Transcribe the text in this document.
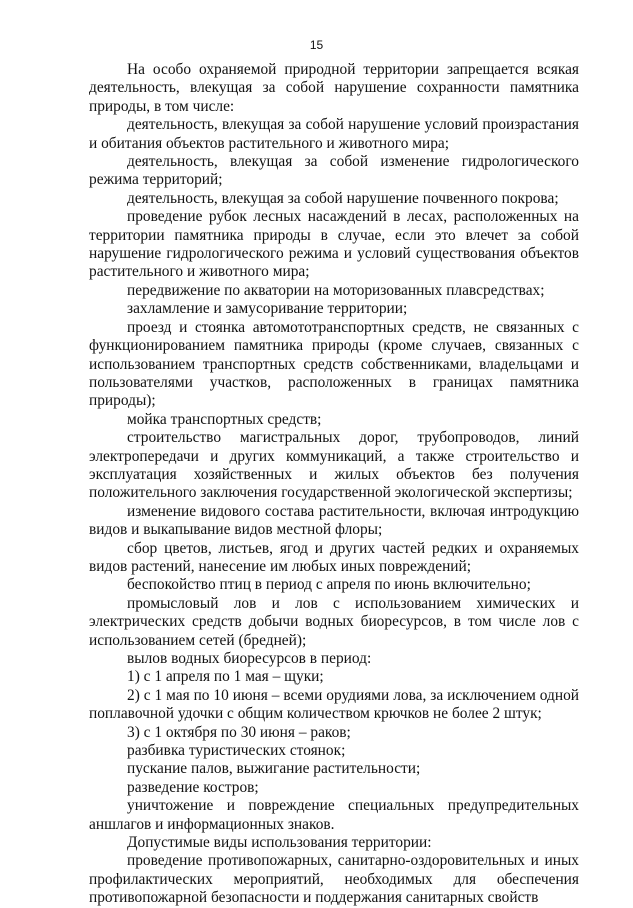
15

На особо охраняемой природной территории запрещается всякая деятельность, влекущая за собой нарушение сохранности памятника природы, в том числе:

деятельность, влекущая за собой нарушение условий произрастания и обитания объектов растительного и животного мира;

деятельность, влекущая за собой изменение гидрологического режима территорий;

деятельность, влекущая за собой нарушение почвенного покрова;

проведение рубок лесных насаждений в лесах, расположенных на территории памятника природы в случае, если это влечет за собой нарушение гидрологического режима и условий существования объектов растительного и животного мира;

передвижение по акватории на моторизованных плавсредствах;

захламление и замусоривание территории;

проезд и стоянка автомототранспортных средств, не связанных с функционированием памятника природы (кроме случаев, связанных с использованием транспортных средств собственниками, владельцами и пользователями участков, расположенных в границах памятника природы);

мойка транспортных средств;

строительство магистральных дорог, трубопроводов, линий электропередачи и других коммуникаций, а также строительство и эксплуатация хозяйственных и жилых объектов без получения положительного заключения государственной экологической экспертизы;

изменение видового состава растительности, включая интродукцию видов и выкапывание видов местной флоры;

сбор цветов, листьев, ягод и других частей редких и охраняемых видов растений, нанесение им любых иных повреждений;

беспокойство птиц в период с апреля по июнь включительно;

промысловый лов и лов с использованием химических и электрических средств добычи водных биоресурсов, в том числе лов с использованием сетей (бредней);

вылов водных биоресурсов в период:

1) с 1 апреля по 1 мая – щуки;

2) с 1 мая по 10 июня – всеми орудиями лова, за исключением одной поплавочной удочки с общим количеством крючков не более 2 штук;

3) с 1 октября по 30 июня – раков;

разбивка туристических стоянок;

пускание палов, выжигание растительности;

разведение костров;

уничтожение и повреждение специальных предупредительных аншлагов и информационных знаков.

Допустимые виды использования территории:

проведение противопожарных, санитарно-оздоровительных и иных профилактических мероприятий, необходимых для обеспечения противопожарной безопасности и поддержания санитарных свойств
